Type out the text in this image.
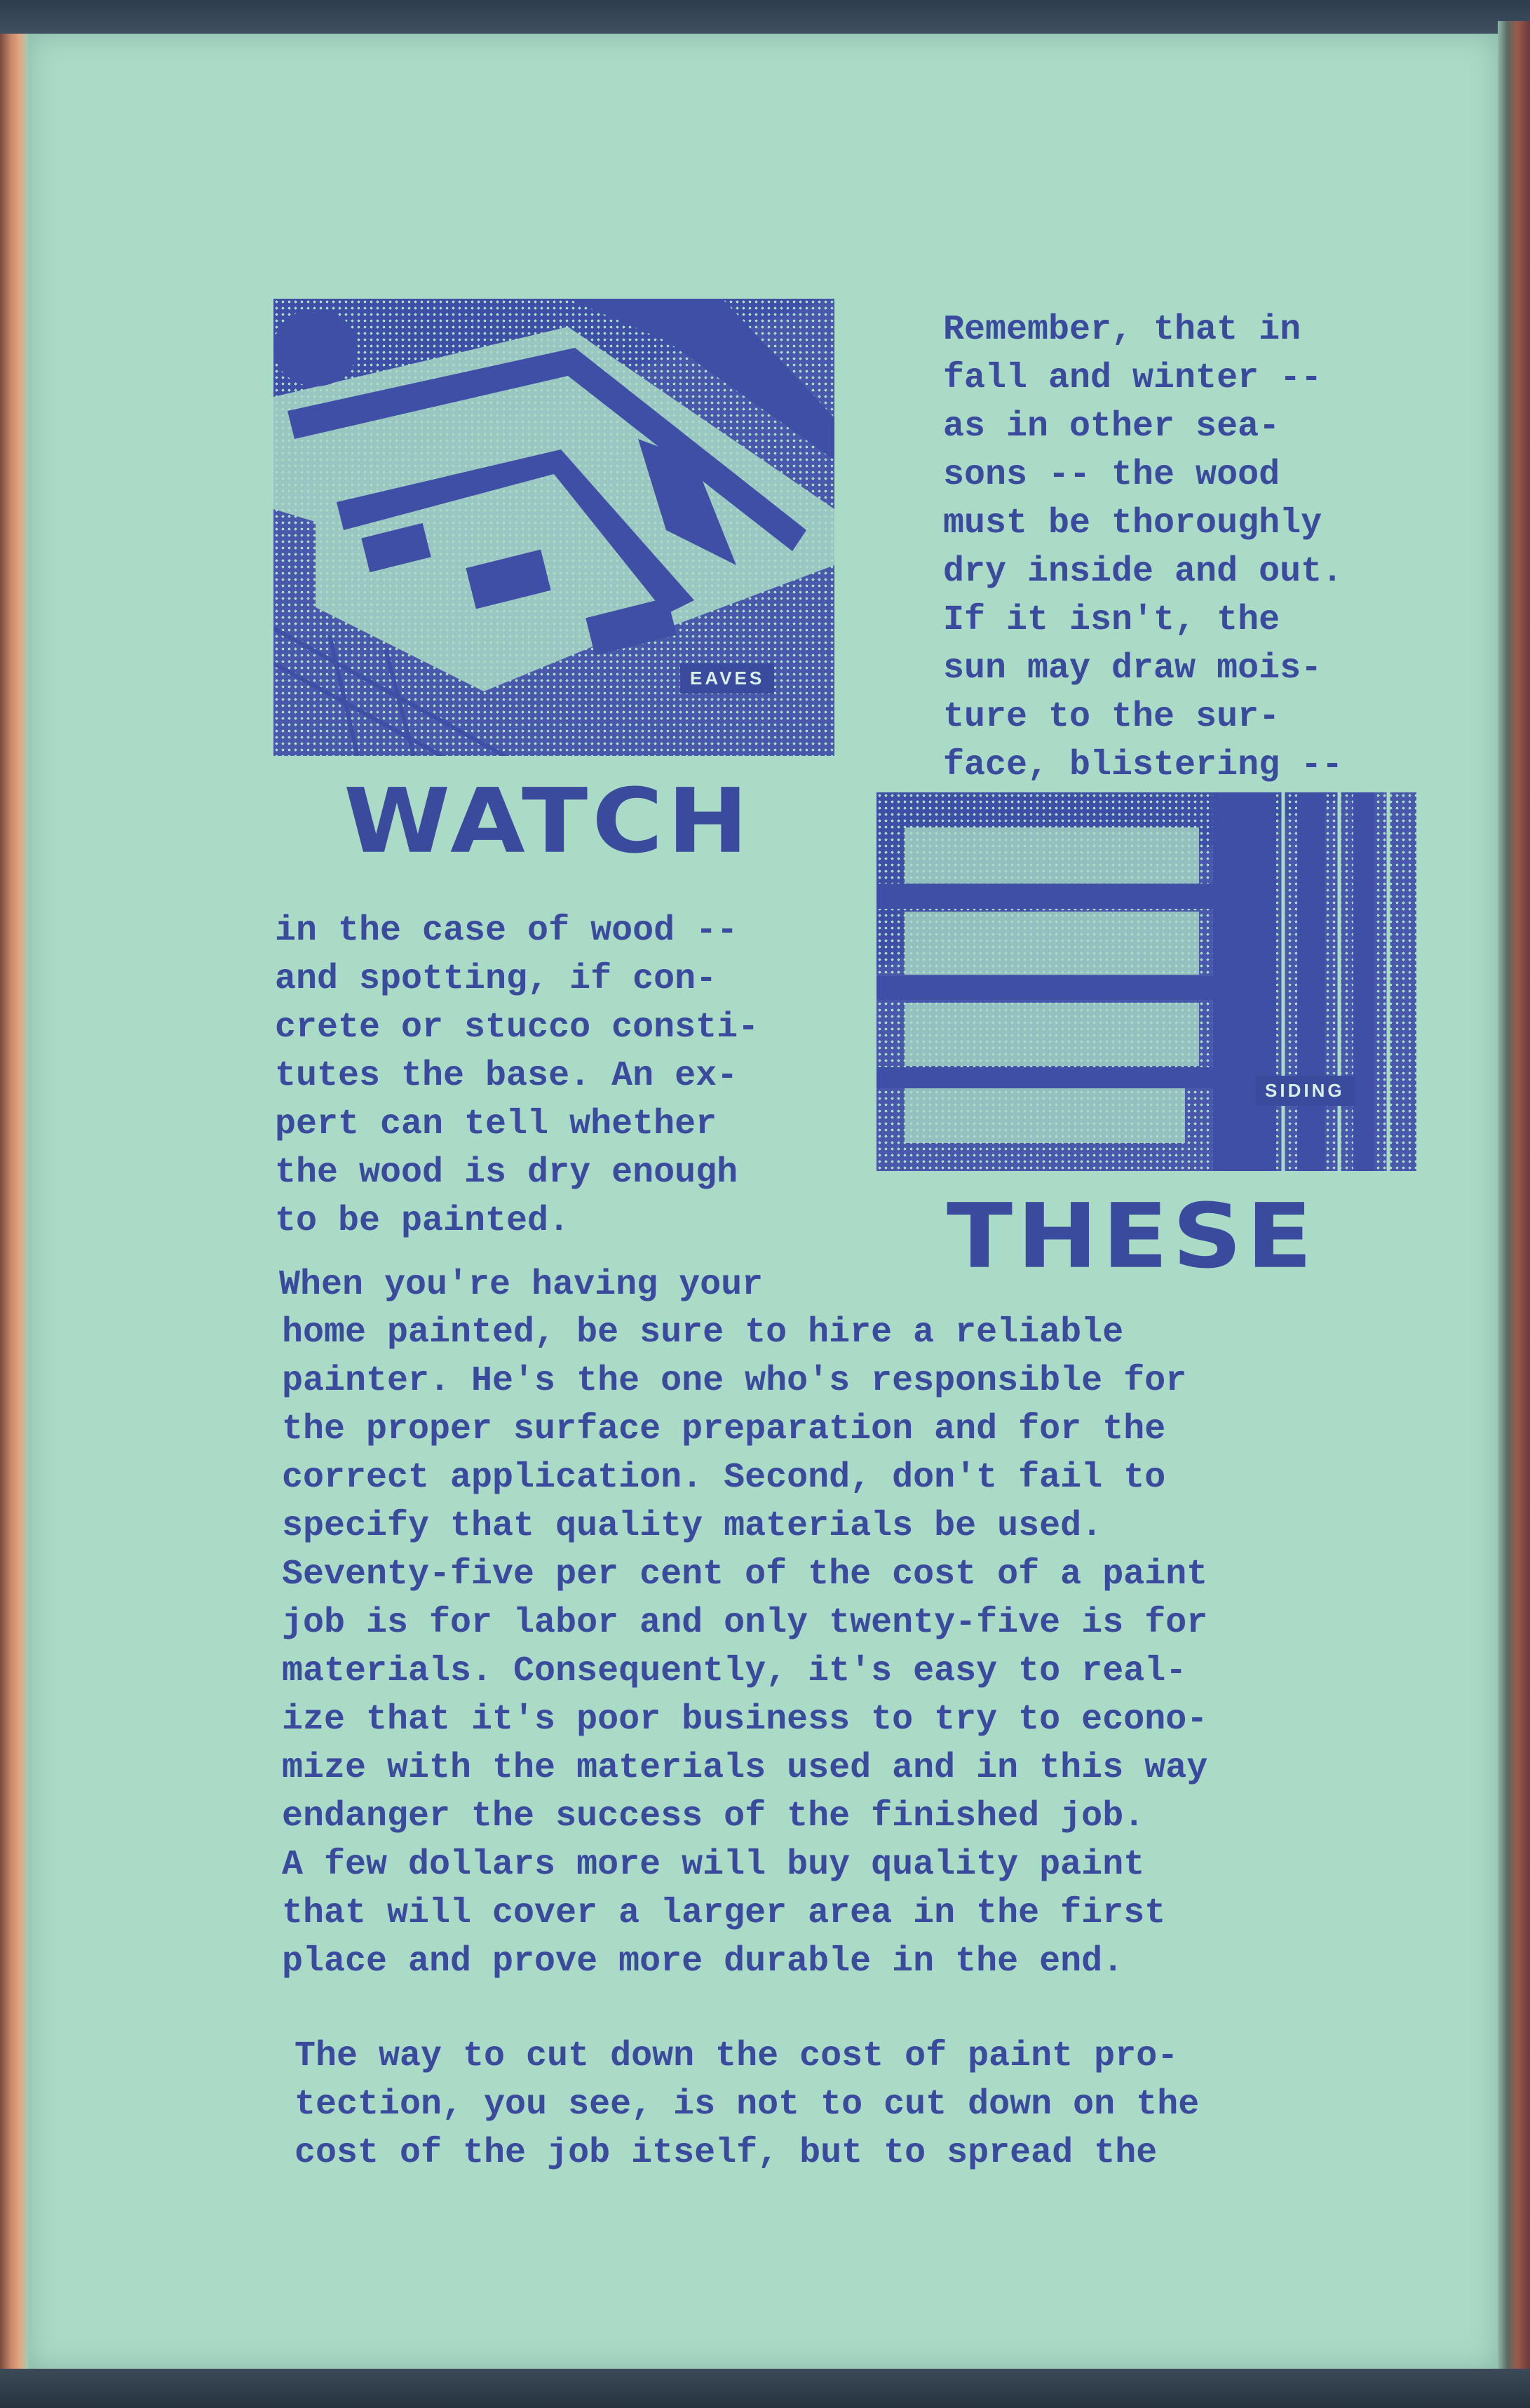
EAVES
Remember, that in
fall and winter --
as in other sea-
sons -- the wood
must be thoroughly
dry inside and out.
If it isn't, the
sun may draw mois-
ture to the sur-
face, blistering --
WATCH
SIDING
in the case of wood --
and spotting, if con-
crete or stucco consti-
tutes the base. An ex-
pert can tell whether
the wood is dry enough
to be painted.	THESE
When you're having your
home painted, be sure to hire a reliable
painter. He's the one who's responsible for
the proper surface preparation and for the
correct application. Second, don't fail to
specify that quality materials be used.
Seventy-five per cent of the cost of a paint
job is for labor and only twenty-five is for
materials. Consequently, it's easy to real-
ize that it's poor business to try to econo-
mize with the materials used and in this way
endanger the success of the finished job.
A few dollars more will buy quality paint
that will cover a larger area in the first
place and prove more durable in the end.
The way to cut down the cost of paint pro-
tection, you see, is not to cut down on the
cost of the job itself, but to spread the
